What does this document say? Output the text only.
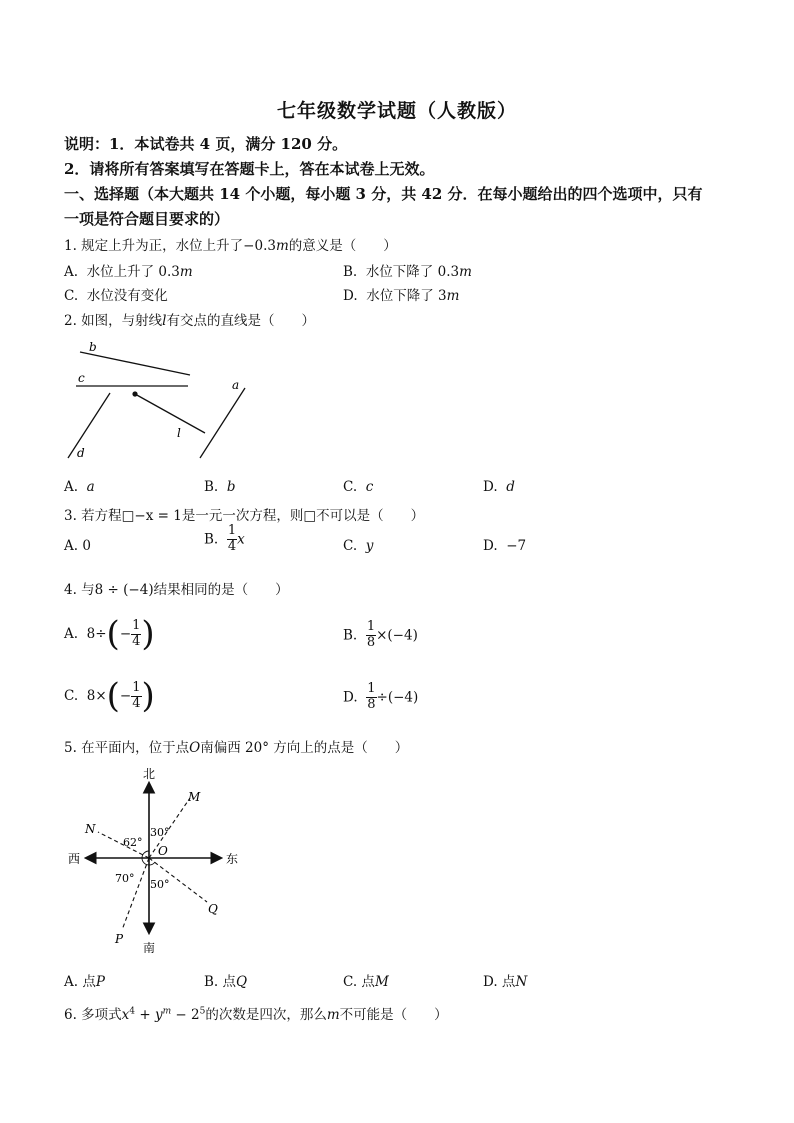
七年级数学试题（人教版）
说明：1．本试卷共 4 页，满分 120 分。
2．请将所有答案填写在答题卡上，答在本试卷上无效。
一、选择题（本大题共 14 个小题，每小题 3 分，共 42 分．在每小题给出的四个选项中，只有
一项是符合题目要求的）
1. 规定上升为正，水位上升了−0.3m的意义是（　　）
A. 水位上升了 0.3m	B. 水位下降了 0.3m
C. 水位没有变化	D. 水位下降了 3m
2. 如图，与射线l有交点的直线是（　　）
b
c	a
d
l
A. a	B. b	C. c	D. d
3. 若方程□−x = 1是一元一次方程，则□不可以是（　　）
A. 0	B. $\frac{1}{4}$ x	C. y	D. −7
4. 与8 ÷ (−4)结果相同的是（　　）
A. $8\div(- \frac{1}{4}$ )	B. $\frac{1}{8} \times(-4)$
C. $8\times(- \frac{1}{4}$ )	D. $\frac{1}{8} \div(-4)$
5. 在平面内，位于点O南偏西 20° 方向上的点是（　　）
北
南
东
西
M
N
O
P
Q
62°
30°
70° 50°
A. 点P	B. 点Q	C. 点M	D. 点N
6. 多项式$x^4 + y^m - 2^5$的次数是四次，那么m不可能是（　　）
